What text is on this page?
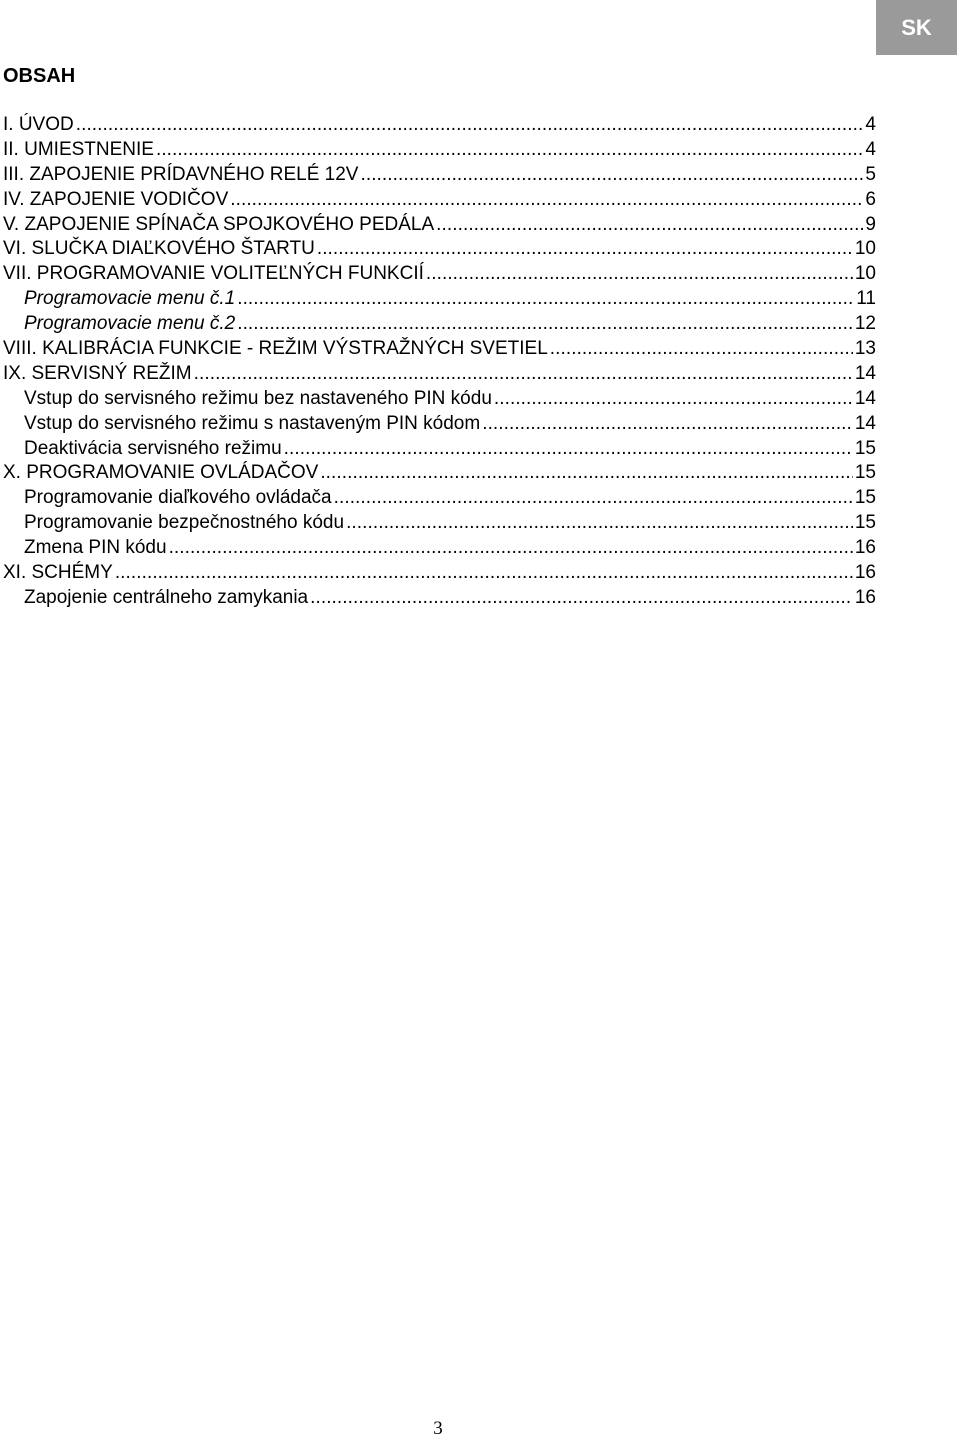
SK
OBSAH
I. ÚVOD . . .	4
II. UMIESTNENIE . . .	4
III. ZAPOJENIE PRÍDAVNÉHO RELÉ 12V . . .	5
IV. ZAPOJENIE VODIČOV . . .	6
V. ZAPOJENIE SPÍNAČA SPOJKOVÉHO PEDÁLA . . .	9
VI. SLUČKA DIAĽKOVÉHO ŠTARTU . . .	10
VII. PROGRAMOVANIE VOLITEĽNÝCH FUNKCIÍ . . .	10
Programovacie menu č.1 . . .	11
Programovacie menu č.2 . . .	12
VIII. KALIBRÁCIA FUNKCIE - REŽIM VÝSTRAŽNÝCH SVETIEL . . .	13
IX. SERVISNÝ REŽIM . . .	14
Vstup do servisného režimu bez nastaveného PIN kódu . . .	14
Vstup do servisného režimu s nastaveným PIN kódom . . .	14
Deaktivácia servisného režimu . . .	15
X. PROGRAMOVANIE OVLÁDAČOV . . .	15
Programovanie diaľkového ovládača . . .	15
Programovanie bezpečnostného kódu . . .	15
Zmena PIN kódu . . .	16
XI. SCHÉMY . . .	16
Zapojenie centrálneho zamykania . . .	16
3
